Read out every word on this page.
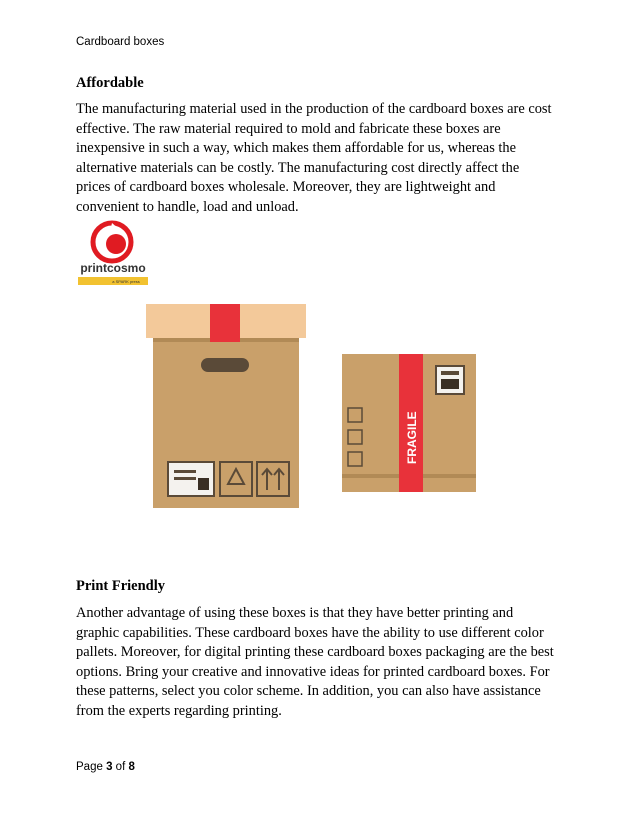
Cardboard boxes
Affordable
The manufacturing material used in the production of the cardboard boxes are cost
effective. The raw material required to mold and fabricate these boxes are
inexpensive in such a way, which makes them affordable for us, whereas the
alternative materials can be costly. The manufacturing cost directly affect the
prices of cardboard boxes wholesale. Moreover, they are lightweight and
convenient to handle, load and unload.
printcosmo
a SPARK press
FRAGILE
Print Friendly
Another advantage of using these boxes is that they have better printing and
graphic capabilities. These cardboard boxes have the ability to use different color
pallets. Moreover, for digital printing these cardboard boxes packaging are the best
options. Bring your creative and innovative ideas for printed cardboard boxes. For
these patterns, select you color scheme. In addition, you can also have assistance
from the experts regarding printing.
Page 3 of 8
